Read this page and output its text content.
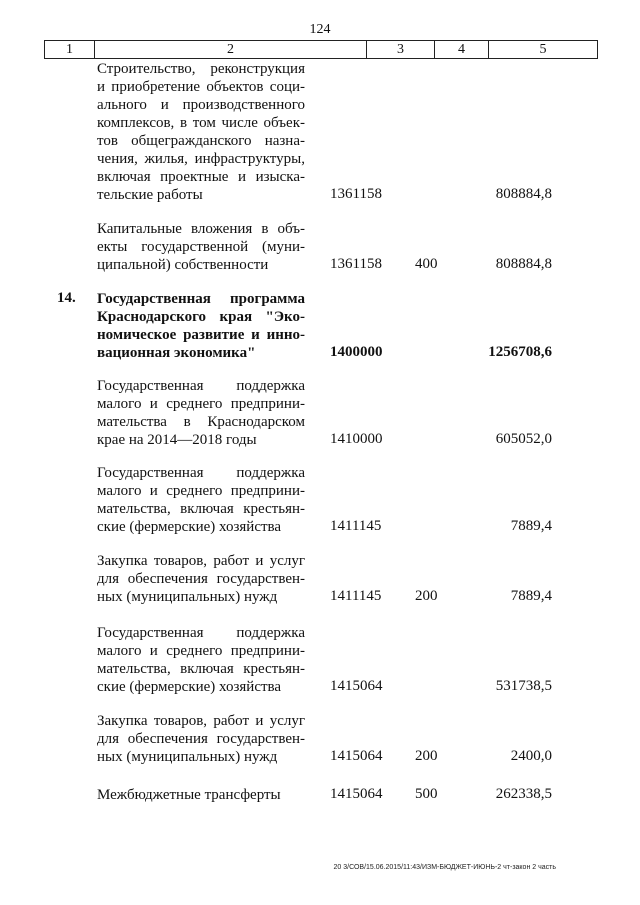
124
1	2	3	4	5
Строительство, реконструкция
и приобретение объектов соци-
ального и производственного
комплексов, в том числе объек-
тов общегражданского назна-
чения, жилья, инфраструктуры,
включая проектные и изыска-
тельские работы	1361158	808884,8
Капитальные вложения в объ-
екты государственной (муни-
ципальной) собственности	1361158 400	808884,8
14. Государственная программа
Краснодарского края "Эко-
номическое развитие и инно-
вационная экономика"	1400000	1256708,6
Государственная поддержка
малого и среднего предприни-
мательства в Краснодарском
крае на 2014—2018 годы	1410000	605052,0
Государственная поддержка
малого и среднего предприни-
мательства, включая крестьян-
ские (фермерские) хозяйства	1411145	7889,4
Закупка товаров, работ и услуг
для обеспечения государствен-
ных (муниципальных) нужд	1411145 200	7889,4
Государственная поддержка
малого и среднего предприни-
мательства, включая крестьян-
ские (фермерские) хозяйства	1415064	531738,5
Закупка товаров, работ и услуг
для обеспечения государствен-
ных (муниципальных) нужд	1415064 200	2400,0
Межбюджетные трансферты	1415064 500	262338,5
20 3/СОВ/15.06.2015/11:43/ИЗМ-БЮДЖЕТ-ИЮНЬ-2 чт-закон 2 часть
